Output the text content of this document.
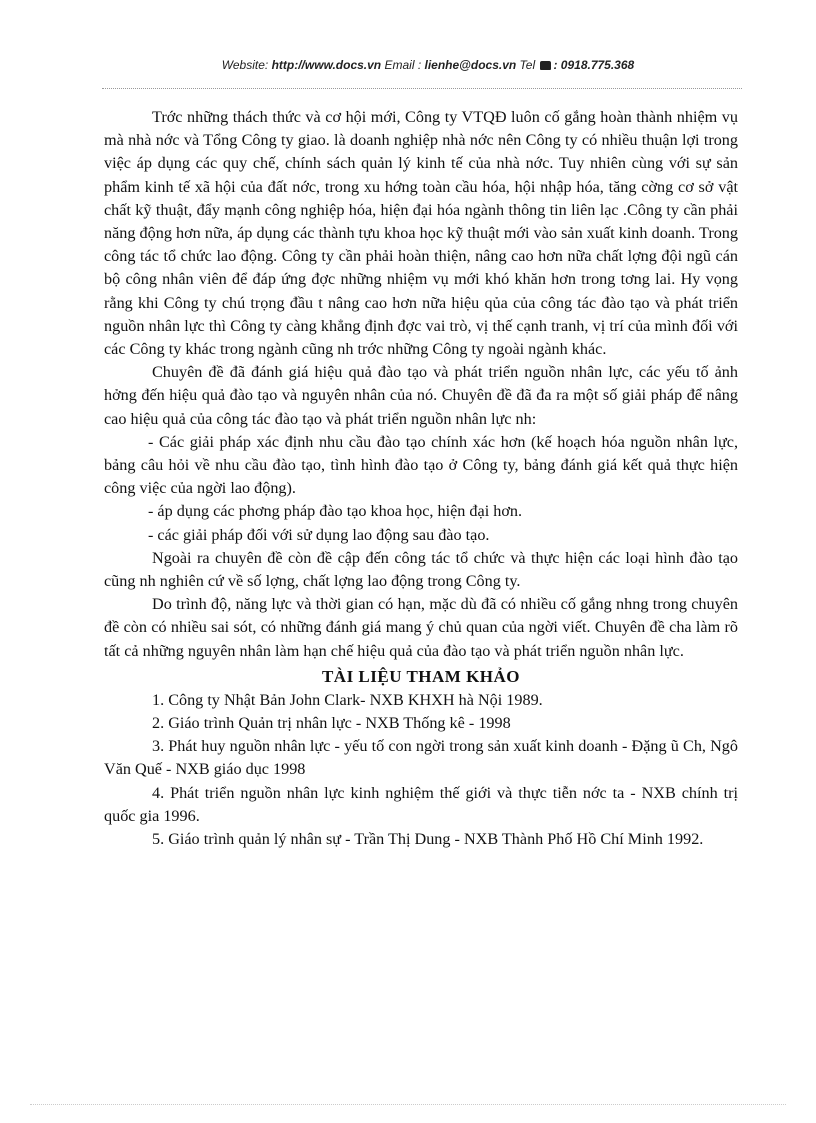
Website: http://www.docs.vn Email : lienhe@docs.vn Tel : 0918.775.368

Trớc những thách thức và cơ hội mới, Công ty VTQĐ luôn cố gắng hoàn thành nhiệm vụ mà nhà nớc và Tổng Công ty giao. là doanh nghiệp nhà nớc nên Công ty có nhiều thuận lợi trong việc áp dụng các quy chế, chính sách quản lý kinh tế của nhà nớc. Tuy nhiên cùng với sự sản phẩm kinh tế xã hội của đất nớc, trong xu hớng toàn cầu hóa, hội nhập hóa, tăng cờng cơ sở vật chất kỹ thuật, đẩy mạnh công nghiệp hóa, hiện đại hóa ngành thông tin liên lạc .Công ty cần phải năng động hơn nữa, áp dụng các thành tựu khoa học kỹ thuật mới vào sản xuất kinh doanh. Trong công tác tổ chức lao động. Công ty cần phải hoàn thiện, nâng cao hơn nữa chất lợng đội ngũ cán bộ công nhân viên để đáp ứng đợc những nhiệm vụ mới khó khăn hơn trong tơng lai. Hy vọng rằng khi Công ty chú trọng đầu t nâng cao hơn nữa hiệu qủa của công tác đào tạo và phát triển nguồn nhân lực thì Công ty càng khẳng định đợc vai trò, vị thế cạnh tranh, vị trí của mình đối với các Công ty khác trong ngành cũng nh trớc những Công ty ngoài ngành khác.

Chuyên đề đã đánh giá hiệu quả đào tạo và phát triển nguồn nhân lực, các yếu tố ảnh hởng đến hiệu quả đào tạo và nguyên nhân của nó. Chuyên đề đã đa ra một số giải pháp để nâng cao hiệu quả của công tác đào tạo và phát triển nguồn nhân lực nh:

- Các giải pháp xác định nhu cầu đào tạo chính xác hơn (kế hoạch hóa nguồn nhân lực, bảng câu hỏi về nhu cầu đào tạo, tình hình đào tạo ở Công ty, bảng đánh giá kết quả thực hiện công việc của ngời lao động).

- áp dụng các phơng pháp đào tạo khoa học, hiện đại hơn.

- các giải pháp đối với sử dụng lao động sau đào tạo.

Ngoài ra chuyên đề còn đề cập đến công tác tổ chức và thực hiện các loại hình đào tạo cũng nh nghiên cứ về số lợng, chất lợng lao động trong Công ty.

Do trình độ, năng lực và thời gian có hạn, mặc dù đã có nhiều cố gắng nhng trong chuyên đề còn có nhiều sai sót, có những đánh giá mang ý chủ quan của ngời viết. Chuyên đề cha làm rõ tất cả những nguyên nhân làm hạn chế hiệu quả của đào tạo và phát triển nguồn nhân lực.

TÀI LIỆU THAM KHẢO

1. Công ty Nhật Bản John Clark- NXB KHXH hà Nội 1989.

2. Giáo trình Quản trị nhân lực - NXB Thống kê - 1998

3. Phát huy nguồn nhân lực - yếu tố con ngời trong sản xuất kinh doanh - Đặng ũ Ch, Ngô Văn Quế - NXB giáo dục 1998

4. Phát triển nguồn nhân lực kinh nghiệm thế giới và thực tiễn nớc ta - NXB chính trị quốc gia 1996.

5. Giáo trình quản lý nhân sự - Trần Thị Dung - NXB Thành Phố Hồ Chí Minh 1992.
